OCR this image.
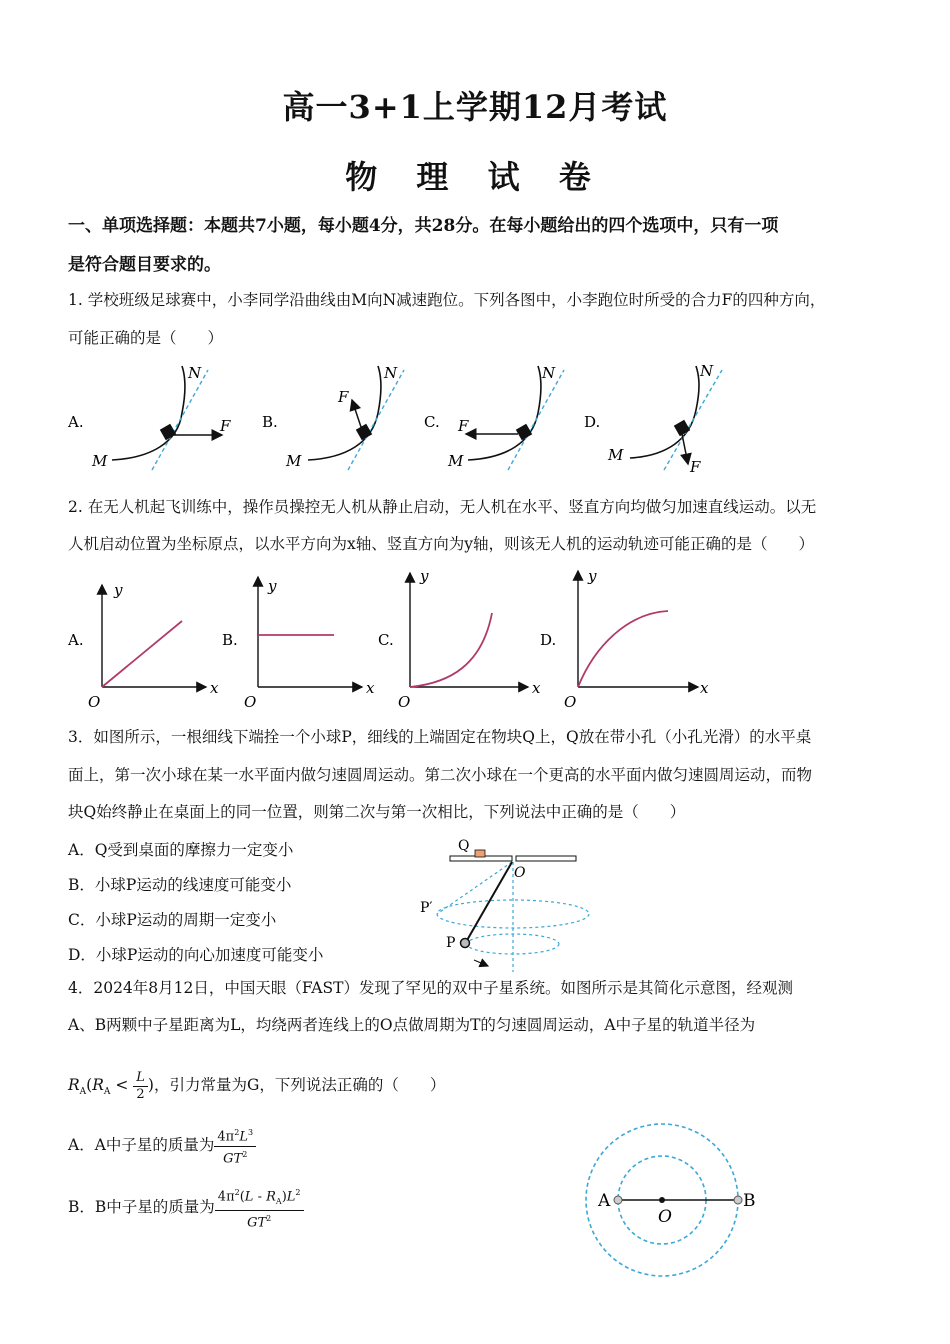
高一3+1上学期12月考试
物 理 试 卷
一、单项选择题：本题共7小题，每小题4分，共28分。在每小题给出的四个选项中，只有一项
是符合题目要求的。
1. 学校班级足球赛中，小李同学沿曲线由M向N减速跑位。下列各图中，小李跑位时所受的合力F的四种方向，
可能正确的是（　　）
A.	F
M
N
B.
F
M
N
C. F
M
N
D.
F
M
N
2. 在无人机起飞训练中，操作员操控无人机从静止启动，无人机在水平、竖直方向均做匀加速直线运动。以无
人机启动位置为坐标原点，以水平方向为x轴、竖直方向为y轴，则该无人机的运动轨迹可能正确的是（　　）
A.
y
x
O
B.
y
x
O
C.
y
x
O
D.
y
x
O
3．如图所示，一根细线下端拴一个小球P，细线的上端固定在物块Q上，Q放在带小孔（小孔光滑）的水平桌
面上，第一次小球在某一水平面内做匀速圆周运动。第二次小球在一个更高的水平面内做匀速圆周运动，而物
块Q始终静止在桌面上的同一位置，则第二次与第一次相比，下列说法中正确的是（　　）
A．Q受到桌面的摩擦力一定变小
B．小球P运动的线速度可能变小
C．小球P运动的周期一定变小
D．小球P运动的向心加速度可能变小
Q
O
P′
P
4．2024年8月12日，中国天眼（FAST）发现了罕见的双中子星系统。如图所示是其简化示意图，经观测
A、B两颗中子星距离为L，均绕两者连线上的O点做周期为T的匀速圆周运动，A中子星的轨道半径为
$R_A(R_A < \frac{L}{2}$ )，引力常量为G，下列说法正确的（　　）
A．A中子星的质量为 $\frac{4\pi^2L^3}{GT^2}$
B．B中子星的质量为 $\frac{4\pi^2(L - R_A)L^2}{GT^2}$	A	B
O
